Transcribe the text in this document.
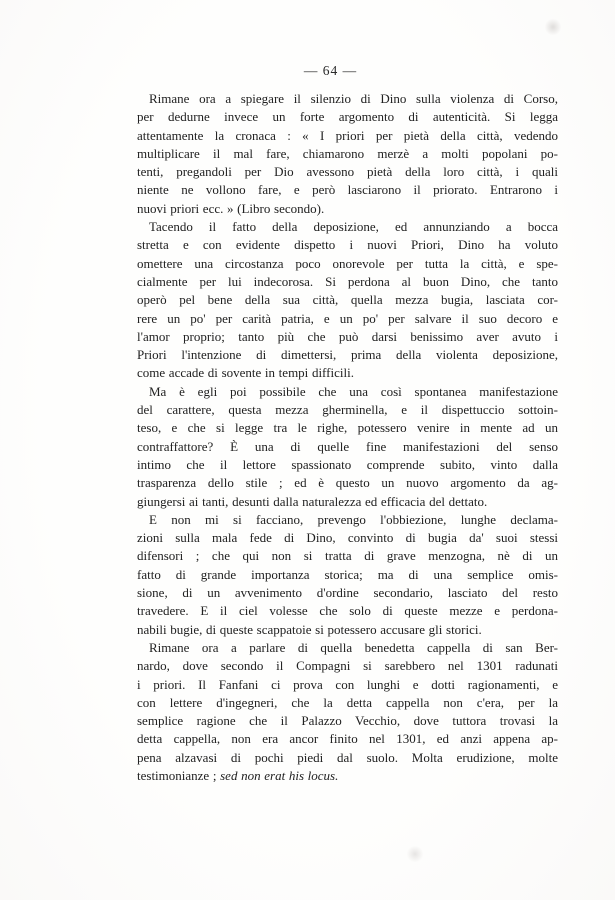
— 64 —
Rimane ora a spiegare il silenzio di Dino sulla violenza di Corso,
per dedurne invece un forte argomento di autenticità. Si legga
attentamente la cronaca : « I priori per pietà della città, vedendo
multiplicare il mal fare, chiamarono merzè a molti popolani po-
tenti, pregandoli per Dio avessono pietà della loro città, i quali
niente ne vollono fare, e però lasciarono il priorato. Entrarono i
nuovi priori ecc. » (Libro secondo).
Tacendo il fatto della deposizione, ed annunziando a bocca
stretta e con evidente dispetto i nuovi Priori, Dino ha voluto
omettere una circostanza poco onorevole per tutta la città, e spe-
cialmente per lui indecorosa. Si perdona al buon Dino, che tanto
operò pel bene della sua città, quella mezza bugia, lasciata cor-
rere un po' per carità patria, e un po' per salvare il suo decoro e
l'amor proprio; tanto più che può darsi benissimo aver avuto i
Priori l'intenzione di dimettersi, prima della violenta deposizione,
come accade di sovente in tempi difficili.
Ma è egli poi possibile che una così spontanea manifestazione
del carattere, questa mezza gherminella, e il dispettuccio sottoin-
teso, e che si legge tra le righe, potessero venire in mente ad un
contraffattore? È una di quelle fine manifestazioni del senso
intimo che il lettore spassionato comprende subito, vinto dalla
trasparenza dello stile ; ed è questo un nuovo argomento da ag-
giungersi ai tanti, desunti dalla naturalezza ed efficacia del dettato.
E non mi si facciano, prevengo l'obbiezione, lunghe declama-
zioni sulla mala fede di Dino, convinto di bugia da' suoi stessi
difensori ; che qui non si tratta di grave menzogna, nè di un
fatto di grande importanza storica; ma di una semplice omis-
sione, di un avvenimento d'ordine secondario, lasciato del resto
travedere. E il ciel volesse che solo di queste mezze e perdona-
nabili bugie, di queste scappatoie si potessero accusare gli storici.
Rimane ora a parlare di quella benedetta cappella di san Ber-
nardo, dove secondo il Compagni si sarebbero nel 1301 radunati
i priori. Il Fanfani ci prova con lunghi e dotti ragionamenti, e
con lettere d'ingegneri, che la detta cappella non c'era, per la
semplice ragione che il Palazzo Vecchio, dove tuttora trovasi la
detta cappella, non era ancor finito nel 1301, ed anzi appena ap-
pena alzavasi di pochi piedi dal suolo. Molta erudizione, molte
testimonianze ; sed non erat his locus.
